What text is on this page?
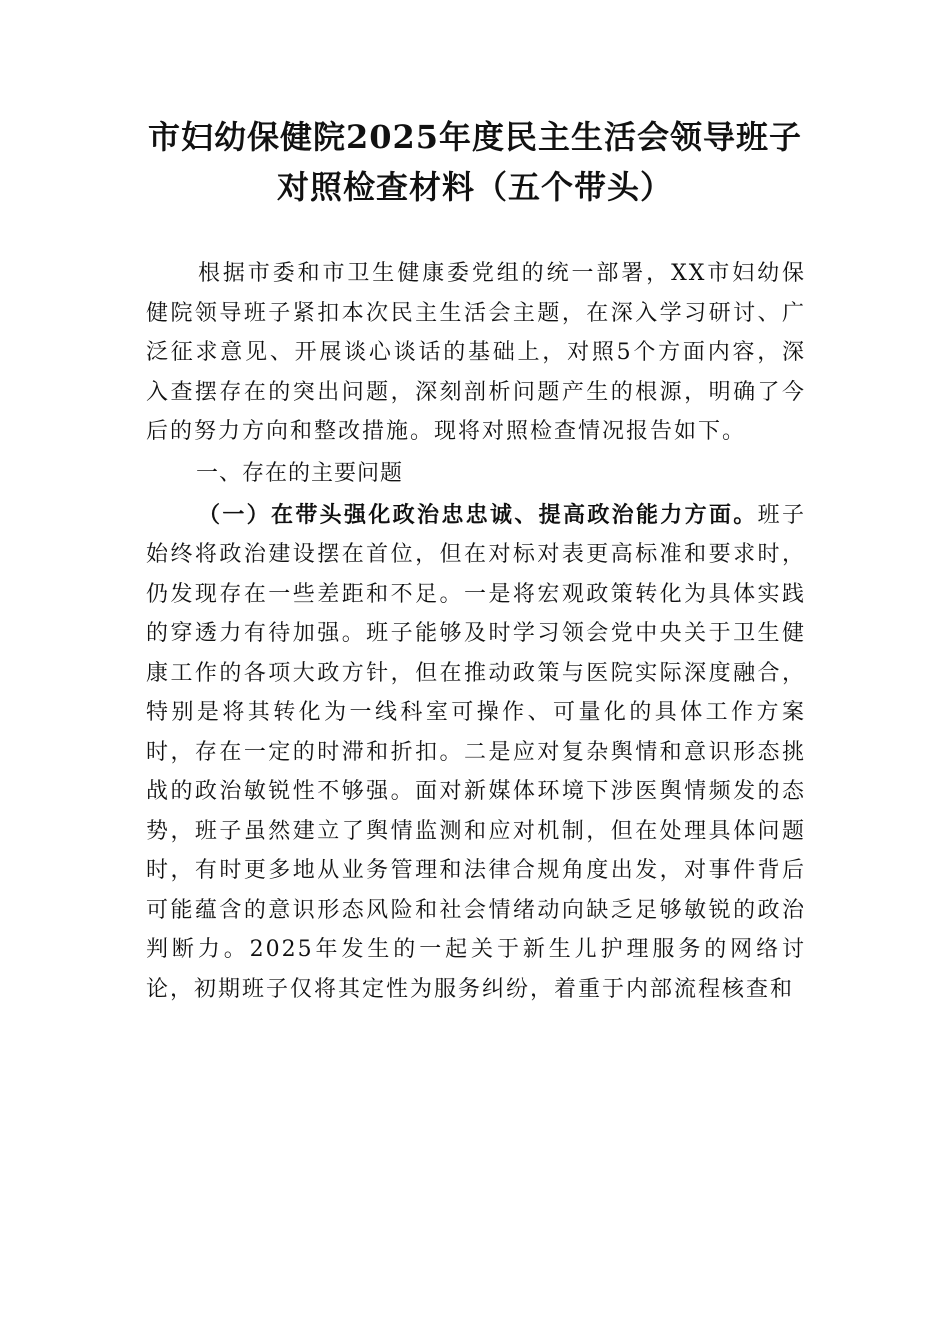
市妇幼保健院2025年度民主生活会领导班子对照检查材料（五个带头）

根据市委和市卫生健康委党组的统一部署，XX市妇幼保健院领导班子紧扣本次民主生活会主题，在深入学习研讨、广泛征求意见、开展谈心谈话的基础上，对照5个方面内容，深入查摆存在的突出问题，深刻剖析问题产生的根源，明确了今后的努力方向和整改措施。现将对照检查情况报告如下。

一、存在的主要问题

（一）在带头强化政治忠忠诚、提高政治能力方面。班子始终将政治建设摆在首位，但在对标对表更高标准和要求时，仍发现存在一些差距和不足。一是将宏观政策转化为具体实践的穿透力有待加强。班子能够及时学习领会党中央关于卫生健康工作的各项大政方针，但在推动政策与医院实际深度融合，特别是将其转化为一线科室可操作、可量化的具体工作方案时，存在一定的时滞和折扣。二是应对复杂舆情和意识形态挑战的政治敏锐性不够强。面对新媒体环境下涉医舆情频发的态势，班子虽然建立了舆情监测和应对机制，但在处理具体问题时，有时更多地从业务管理和法律合规角度出发，对事件背后可能蕴含的意识形态风险和社会情绪动向缺乏足够敏锐的政治判断力。2025年发生的一起关于新生儿护理服务的网络讨论，初期班子仅将其定性为服务纠纷，着重于内部流程核查和
